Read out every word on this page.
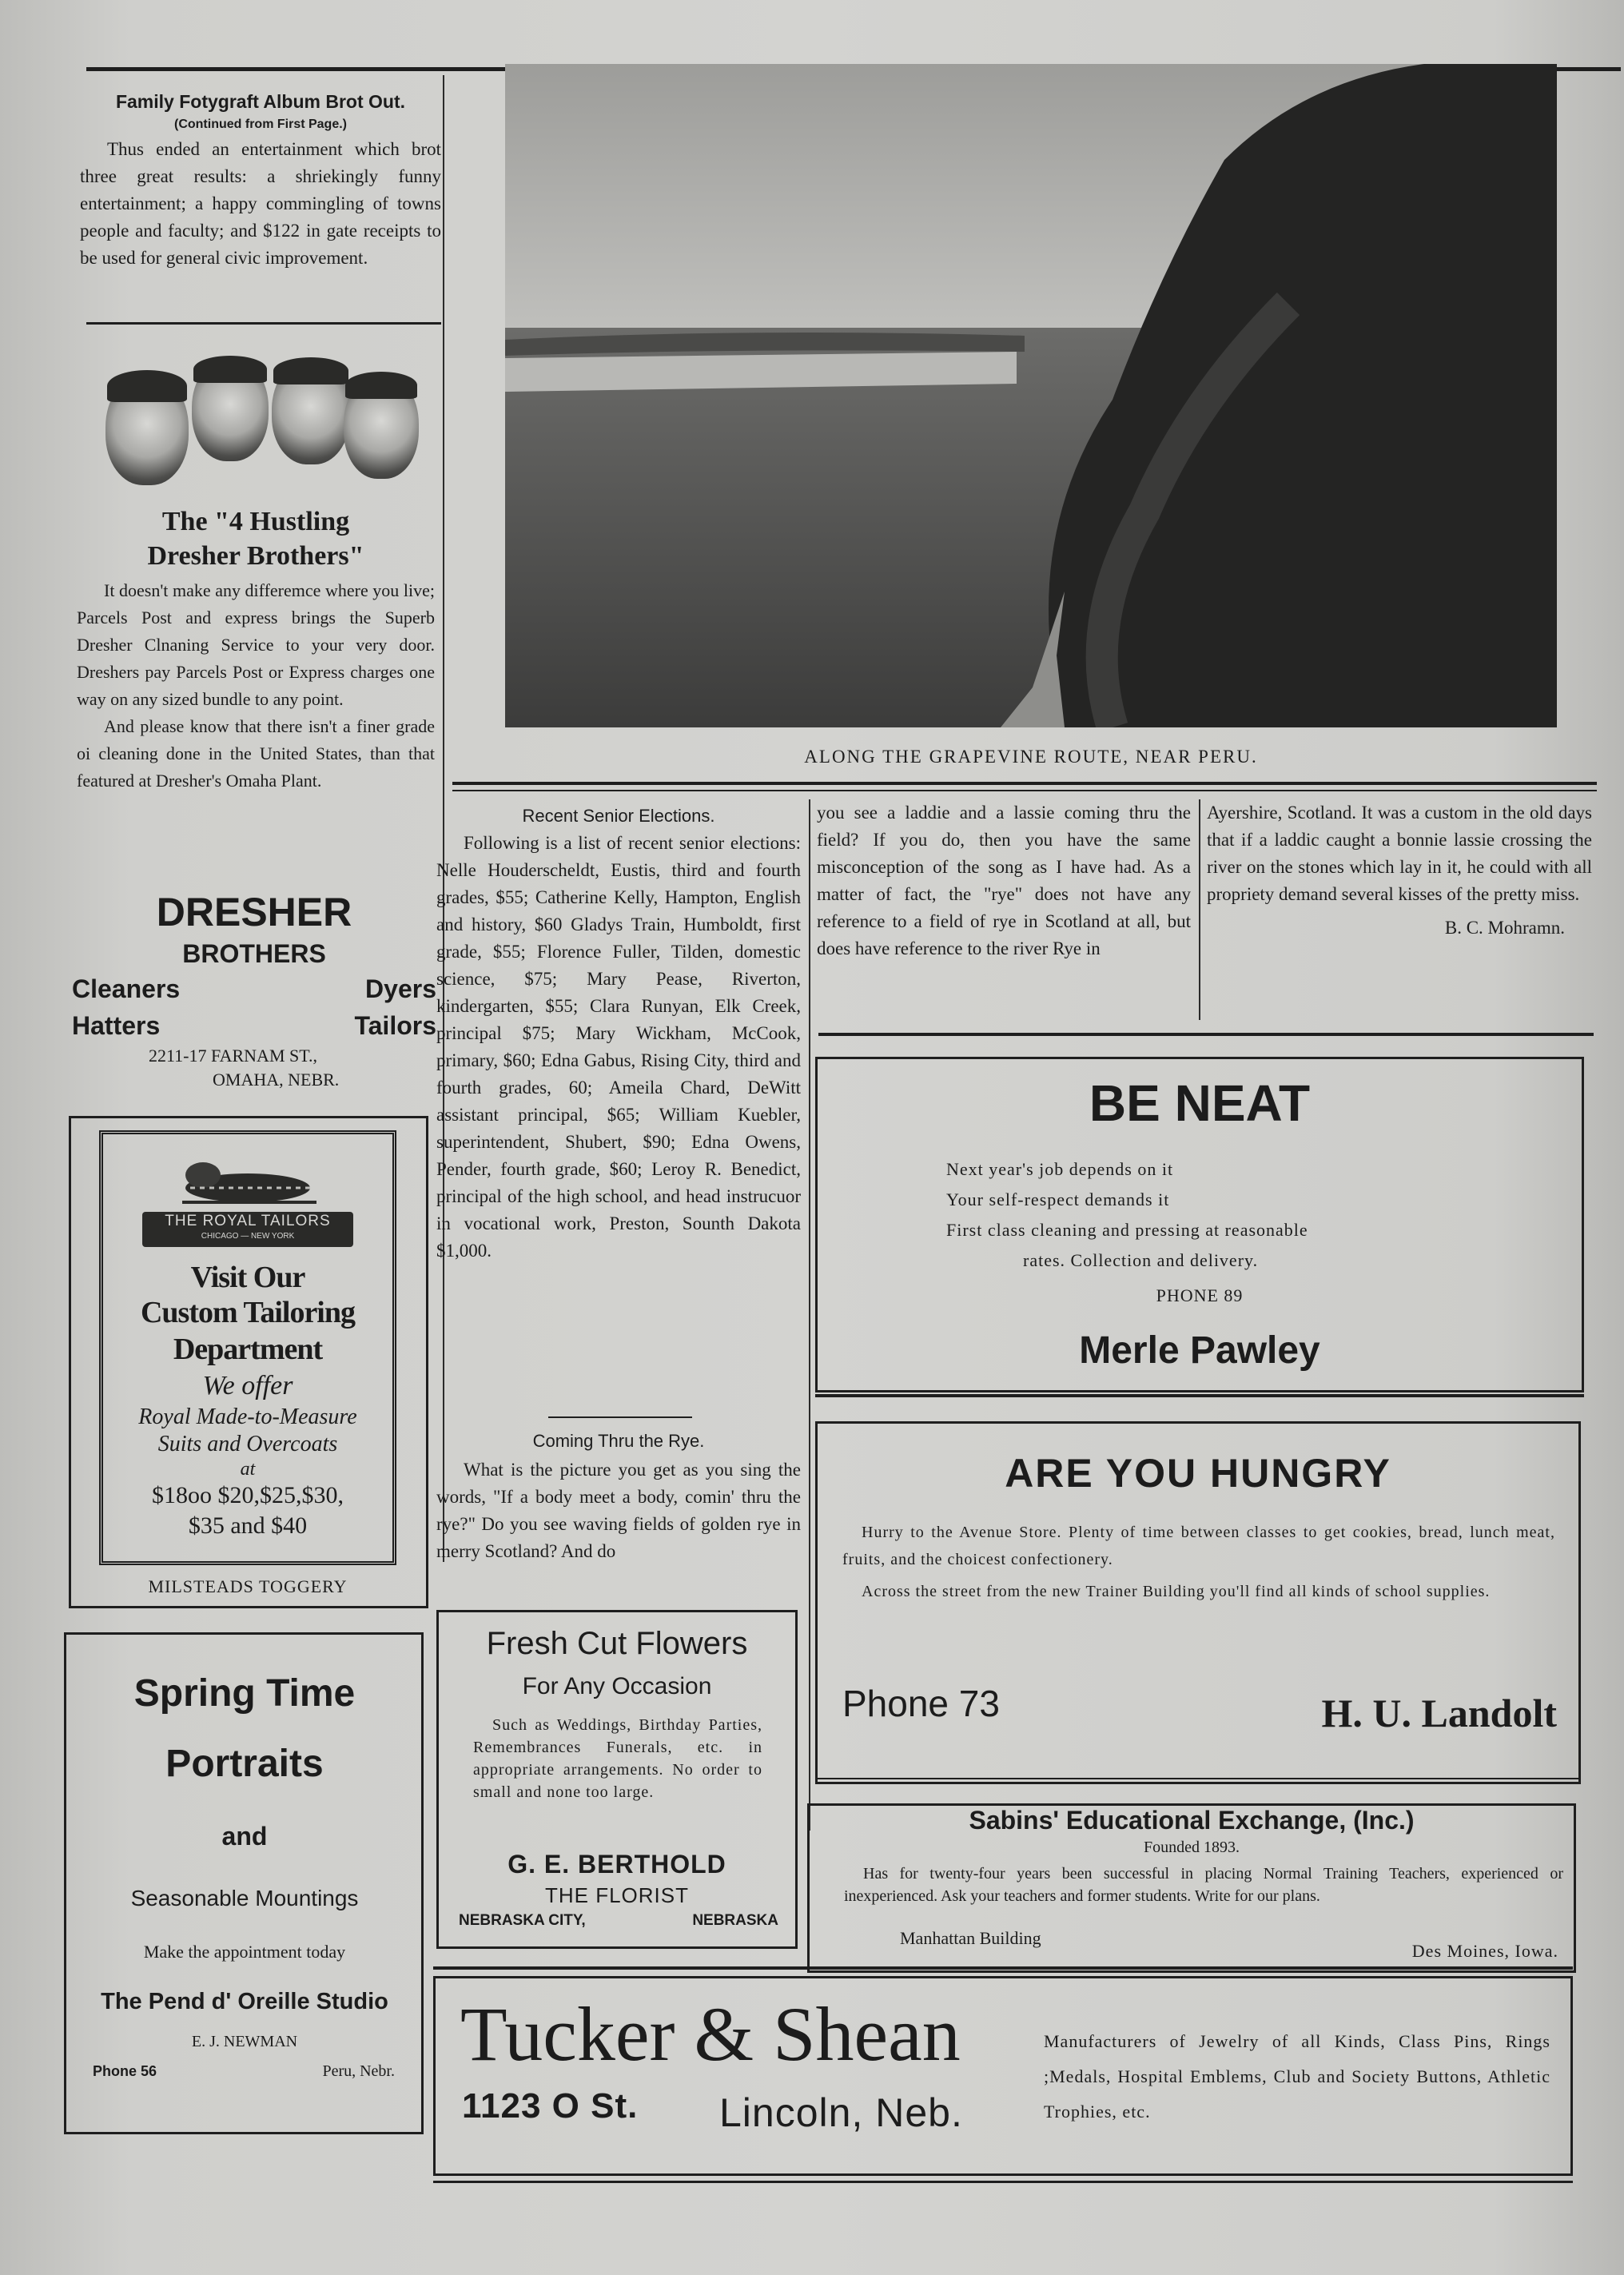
Family Fotygraft Album Brot Out.
(Continued from First Page.)

Thus ended an entertainment which brot three great results: a shriekingly funny entertainment; a happy commingling of towns people and faculty; and $122 in gate receipts to be used for general civic improvement.

The "4 Hustling
Dresher Brothers"

It doesn't make any differemce where you live; Parcels Post and express brings the Superb Dresher Clnaning Service to your very door. Dreshers pay Parcels Post or Express charges one way on any sized bundle to any point.

And please know that there isn't a finer grade oi cleaning done in the United States, than that featured at Dresher's Omaha Plant.

DRESHER
BROTHERS
Cleaners	Dyers
Hatters	Tailors
2211-17 FARNAM ST.,
OMAHA, NEBR.
THE ROYAL TAILORS
CHICAGO — NEW YORK
Visit Our
Custom Tailoring
Department
We offer
Royal Made-to-Measure
Suits and Overcoats
at
$18oo $20,$25,$30,
$35 and $40
MILSTEADS TOGGERY
Spring Time
Portraits
and
Seasonable Mountings
Make the appointment today
The Pend d' Oreille Studio
E. J. NEWMAN
Phone 56	Peru, Nebr.
ALONG THE GRAPEVINE ROUTE, NEAR PERU.
Recent Senior Elections.

Following is a list of recent senior elections: Nelle Houderscheldt, Eustis, third and fourth grades, $55; Catherine Kelly, Hampton, English and history, $60 Gladys Train, Humboldt, first grade, $55; Florence Fuller, Tilden, domestic science, $75; Mary Pease, Riverton, kindergarten, $55; Clara Runyan, Elk Creek, principal $75; Mary Wickham, McCook, primary, $60; Edna Gabus, Rising City, third and fourth grades, 60; Ameila Chard, DeWitt assistant principal, $65; William Kuebler, superintendent, Shubert, $90; Edna Owens, Pender, fourth grade, $60; Leroy R. Benedict, principal of the high school, and head instrucuor in vocational work, Preston, Sounth Dakota $1,000.

Coming Thru the Rye.

What is the picture you get as you sing the words, "If a body meet a body, comin' thru the rye?" Do you see waving fields of golden rye in merry Scotland? And do

you see a laddie and a lassie coming thru the field? If you do, then you have the same misconception of the song as I have had. As a matter of fact, the "rye" does not have any reference to a field of rye in Scotland at all, but does have reference to the river Rye in

Ayershire, Scotland. It was a custom in the old days that if a laddic caught a bonnie lassie crossing the river on the stones which lay in it, he could with all propriety demand several kisses of the pretty miss.

B. C. Mohramn.
BE NEAT
Next year's job depends on it
Your self-respect demands it
First class cleaning and pressing at reasonable
rates. Collection and delivery.
PHONE 89
Merle Pawley
ARE YOU HUNGRY

Hurry to the Avenue Store. Plenty of time between classes to get cookies, bread, lunch meat, fruits, and the choicest confectionery.

Across the street from the new Trainer Building you'll find all kinds of school supplies.

Phone 73	H. U. Landolt
Sabins' Educational Exchange, (Inc.)
Founded 1893.

Has for twenty-four years been successful in placing Normal Training Teachers, experienced or inexperienced. Ask your teachers and former students. Write for our plans.

Manhattan Building
Des Moines, Iowa.
Fresh Cut Flowers
For Any Occasion

Such as Weddings, Birthday Parties, Remembrances Funerals, etc. in appropriate arrangements. No order to small and none too large.

G. E. BERTHOLD
THE FLORIST
NEBRASKA CITY,	NEBRASKA
Tucker & Shean
1123 O St. Lincoln, Neb.
Manufacturers of Jewelry of all Kinds, Class Pins, Rings ;Medals, Hospital Emblems, Club and Society Buttons, Athletic Trophies, etc.
